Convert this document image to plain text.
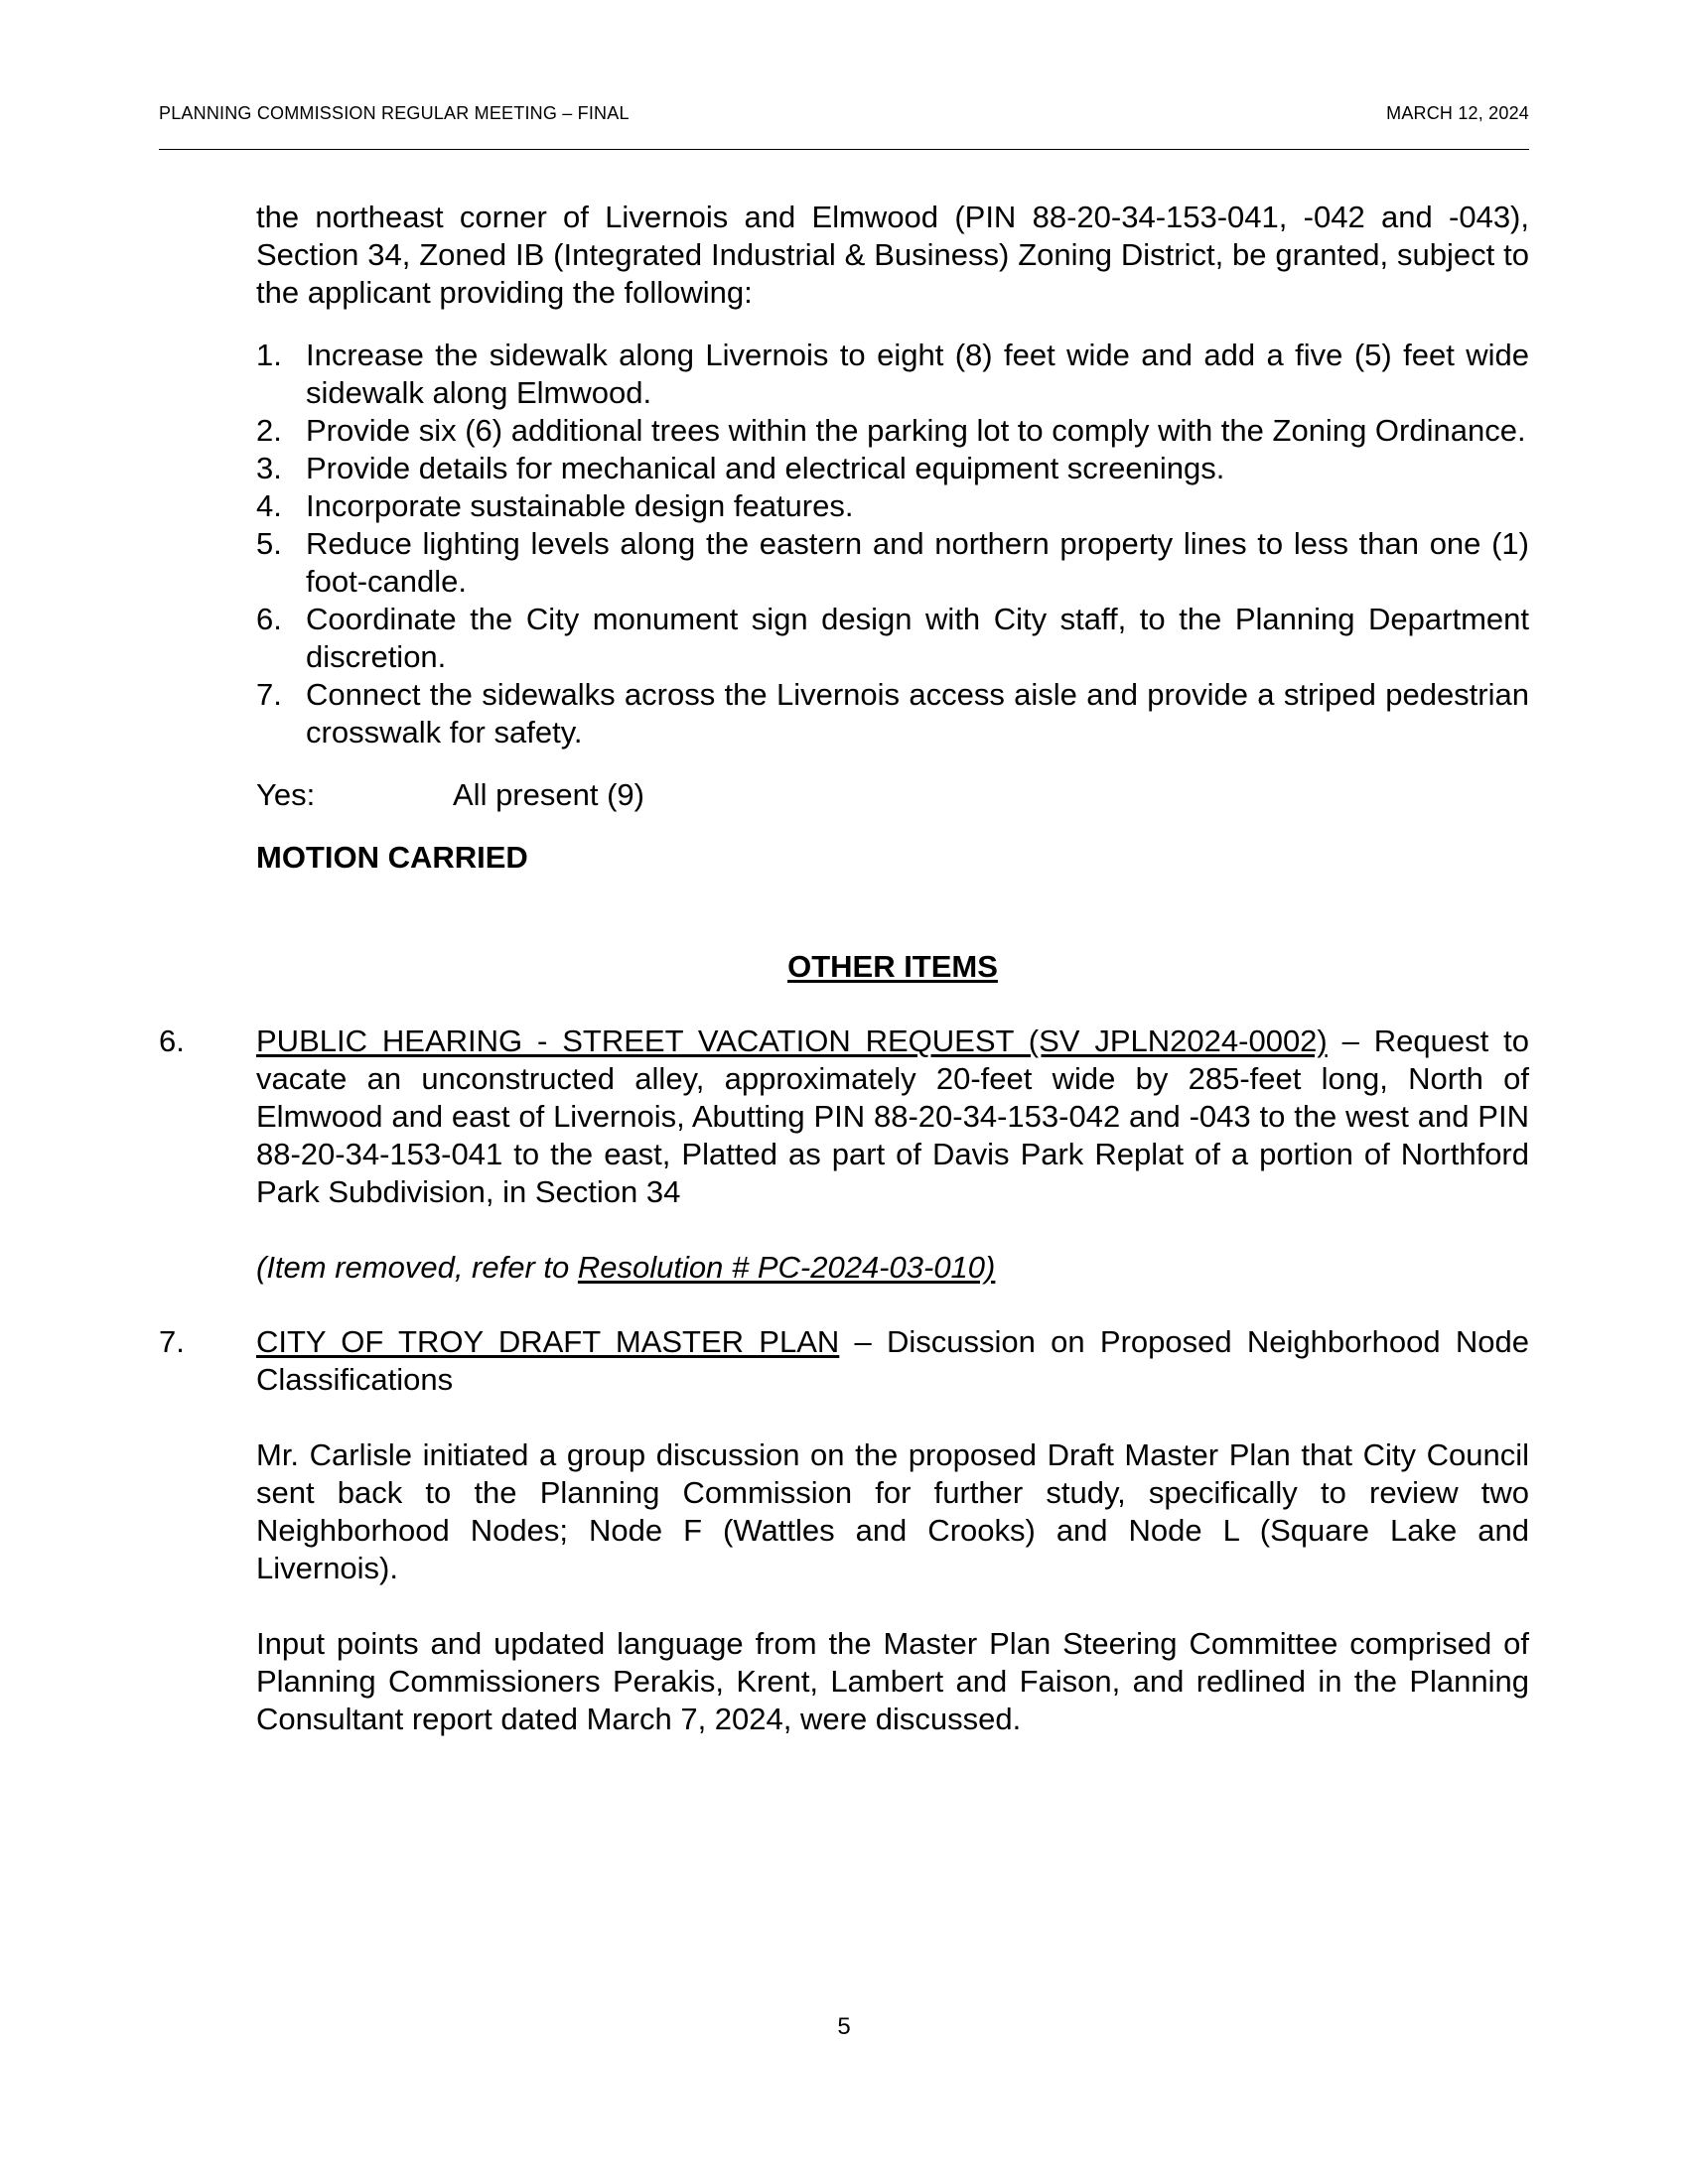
PLANNING COMMISSION REGULAR MEETING – FINAL	MARCH 12, 2024

the northeast corner of Livernois and Elmwood (PIN 88-20-34-153-041, -042 and -043), Section 34, Zoned IB (Integrated Industrial & Business) Zoning District, be granted, subject to the applicant providing the following:

1. Increase the sidewalk along Livernois to eight (8) feet wide and add a five (5) feet wide sidewalk along Elmwood.
2. Provide six (6) additional trees within the parking lot to comply with the Zoning Ordinance.
3. Provide details for mechanical and electrical equipment screenings.
4. Incorporate sustainable design features.
5. Reduce lighting levels along the eastern and northern property lines to less than one (1) foot-candle.
6. Coordinate the City monument sign design with City staff, to the Planning Department discretion.
7. Connect the sidewalks across the Livernois access aisle and provide a striped pedestrian crosswalk for safety.
Yes:	All present (9)

MOTION CARRIED

OTHER ITEMS
6. PUBLIC HEARING - STREET VACATION REQUEST (SV JPLN2024-0002) – Request to vacate an unconstructed alley, approximately 20-feet wide by 285-feet long, North of Elmwood and east of Livernois, Abutting PIN 88-20-34-153-042 and -043 to the west and PIN 88-20-34-153-041 to the east, Platted as part of Davis Park Replat of a portion of Northford Park Subdivision, in Section 34
(Item removed, refer to Resolution # PC-2024-03-010)
7. CITY OF TROY DRAFT MASTER PLAN – Discussion on Proposed Neighborhood Node Classifications
Mr. Carlisle initiated a group discussion on the proposed Draft Master Plan that City Council sent back to the Planning Commission for further study, specifically to review two Neighborhood Nodes; Node F (Wattles and Crooks) and Node L (Square Lake and Livernois).
Input points and updated language from the Master Plan Steering Committee comprised of Planning Commissioners Perakis, Krent, Lambert and Faison, and redlined in the Planning Consultant report dated March 7, 2024, were discussed.
5
